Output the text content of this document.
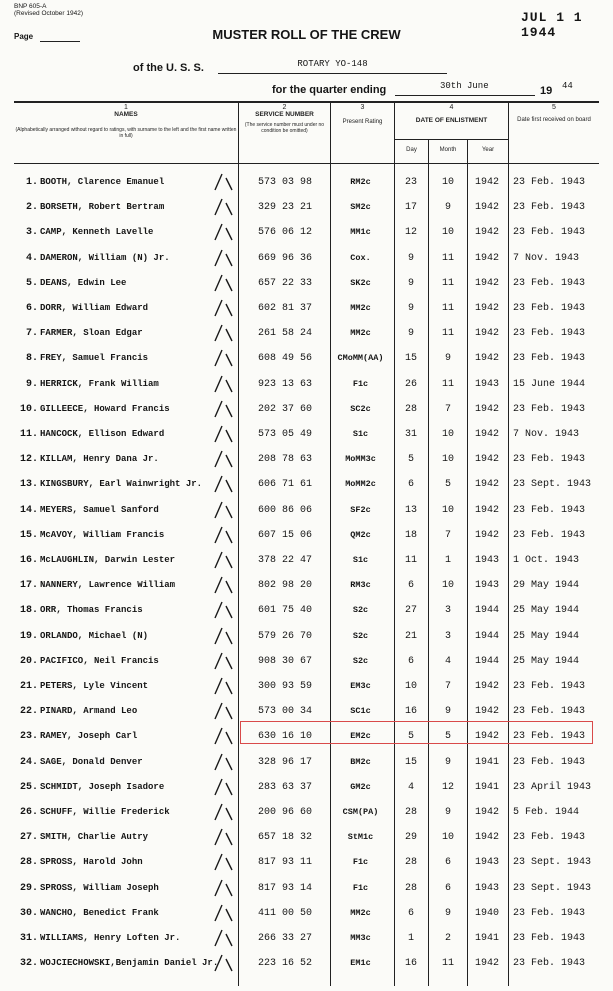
BNP 605-A
(Revised October 1942)	JUL 1 1 1944
Page	MUSTER ROLL OF THE CREW
of the U. S. S.	ROTARY YO-148
for the quarter ending	30th June	19 44
1
NAMES
(Alphabetically arranged without regard to ratings, with surname to the left and the first name written in full)
2
SERVICE NUMBER
(The service number must under no condition be omitted)
3
Present Rating
4
DATE OF ENLISTMENT
Day	Month	Year
5
Date first received on board
1. BOOTH, Clarence Emanuel	573 03 98	RM2c	23	10	1942	23 Feb. 1943
2. BORSETH, Robert Bertram	329 23 21	SM2c	17	9	1942	23 Feb. 1943
3. CAMP, Kenneth Lavelle	576 06 12	MM1c	12	10	1942	23 Feb. 1943
4. DAMERON, William (N) Jr.	669 96 36	Cox.	9	11	1942	7 Nov. 1943
5. DEANS, Edwin Lee	657 22 33	SK2c	9	11	1942	23 Feb. 1943
6. DORR, William Edward	602 81 37	MM2c	9	11	1942	23 Feb. 1943
7. FARMER, Sloan Edgar	261 58 24	MM2c	9	11	1942	23 Feb. 1943
8. FREY, Samuel Francis	608 49 56	CMoMM(AA)	15	9	1942	23 Feb. 1943
9. HERRICK, Frank William	923 13 63	F1c	26	11	1943	15 June 1944
10. GILLEECE, Howard Francis	202 37 60	SC2c	28	7	1942	23 Feb. 1943
11. HANCOCK, Ellison Edward	573 05 49	S1c	31	10	1942	7 Nov. 1943
12. KILLAM, Henry Dana Jr.	208 78 63	MoMM3c	5	10	1942	23 Feb. 1943
13. KINGSBURY, Earl Wainwright Jr.	606 71 61	MoMM2c	6	5	1942	23 Sept. 1943
14. MEYERS, Samuel Sanford	600 86 06	SF2c	13	10	1942	23 Feb. 1943
15. McAVOY, William Francis	607 15 06	QM2c	18	7	1942	23 Feb. 1943
16. McLAUGHLIN, Darwin Lester	378 22 47	S1c	11	1	1943	1 Oct. 1943
17. NANNERY, Lawrence William	802 98 20	RM3c	6	10	1943	29 May 1944
18. ORR, Thomas Francis	601 75 40	S2c	27	3	1944	25 May 1944
19. ORLANDO, Michael (N)	579 26 70	S2c	21	3	1944	25 May 1944
20. PACIFICO, Neil Francis	908 30 67	S2c	6	4	1944	25 May 1944
21. PETERS, Lyle Vincent	300 93 59	EM3c	10	7	1942	23 Feb. 1943
22. PINARD, Armand Leo	573 00 34	SC1c	16	9	1942	23 Feb. 1943
23. RAMEY, Joseph Carl	630 16 10	EM2c	5	5	1942	23 Feb. 1943
24. SAGE, Donald Denver	328 96 17	BM2c	15	9	1941	23 Feb. 1943
25. SCHMIDT, Joseph Isadore	283 63 37	GM2c	4	12	1941	23 April 1943
26. SCHUFF, Willie Frederick	200 96 60	CSM(PA)	28	9	1942	5 Feb. 1944
27. SMITH, Charlie Autry	657 18 32	StM1c	29	10	1942	23 Feb. 1943
28. SPROSS, Harold John	817 93 11	F1c	28	6	1943	23 Sept. 1943
29. SPROSS, William Joseph	817 93 14	F1c	28	6	1943	23 Sept. 1943
30. WANCHO, Benedict Frank	411 00 50	MM2c	6	9	1940	23 Feb. 1943
31. WILLIAMS, Henry Loften Jr.	266 33 27	MM3c	1	2	1941	23 Feb. 1943
32. WOJCIECHOWSKI,Benjamin Daniel Jr.	223 16 52	EM1c	16	11	1942	23 Feb. 1943
